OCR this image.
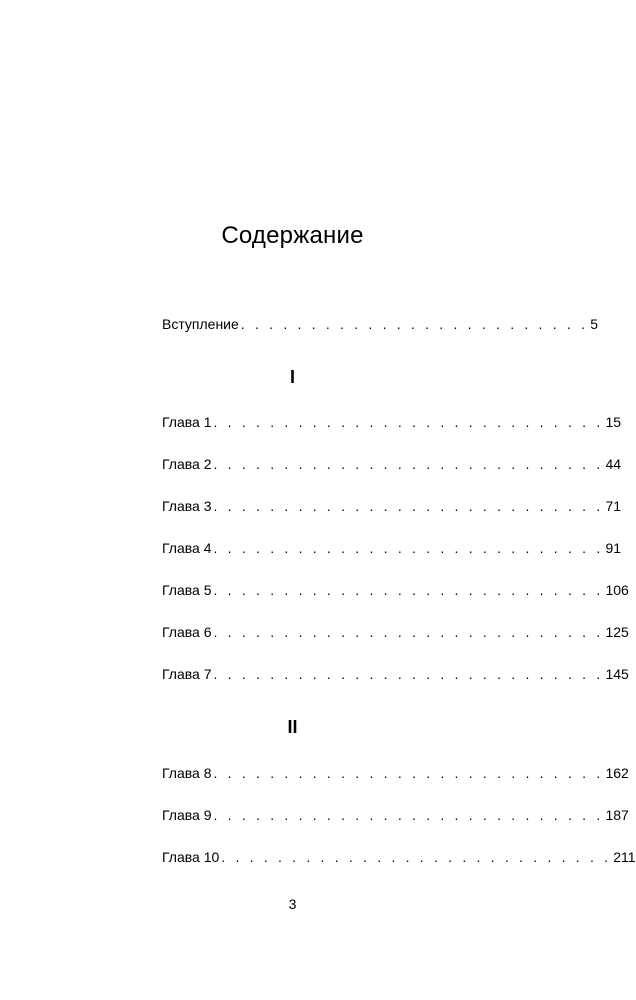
Содержание
Вступление . . . . . . . . . . . . . . . . . . . . . . . . . 5
I
Глава 1 . . . . . . . . . . . . . . . . . . . . . . . . . . . . 15
Глава 2 . . . . . . . . . . . . . . . . . . . . . . . . . . . . 44
Глава 3 . . . . . . . . . . . . . . . . . . . . . . . . . . . . 71
Глава 4 . . . . . . . . . . . . . . . . . . . . . . . . . . . . 91
Глава 5 . . . . . . . . . . . . . . . . . . . . . . . . . . . . 106
Глава 6 . . . . . . . . . . . . . . . . . . . . . . . . . . . . 125
Глава 7 . . . . . . . . . . . . . . . . . . . . . . . . . . . . 145
II
Глава 8 . . . . . . . . . . . . . . . . . . . . . . . . . . . . 162
Глава 9 . . . . . . . . . . . . . . . . . . . . . . . . . . . . 187
Глава 10 . . . . . . . . . . . . . . . . . . . . . . . . . . . . 211
3
